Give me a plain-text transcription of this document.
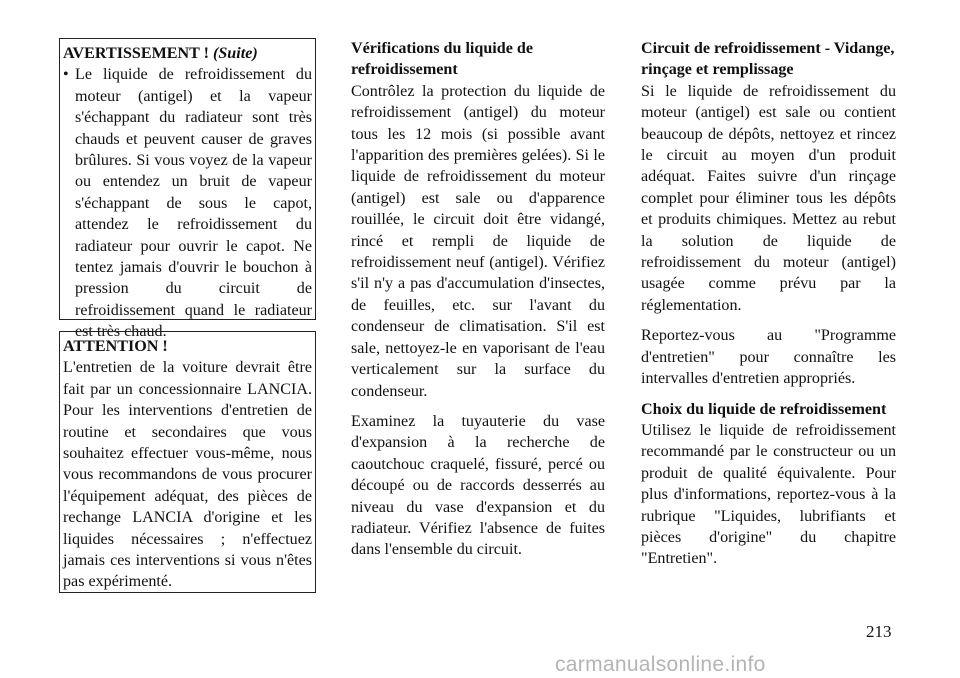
AVERTISSEMENT ! (Suite)
• Le liquide de refroidissement du moteur (antigel) et la vapeur s'échappant du radiateur sont très chauds et peuvent causer de graves brûlures. Si vous voyez de la vapeur ou entendez un bruit de vapeur s'échappant de sous le capot, attendez le refroidissement du radiateur pour ouvrir le capot. Ne tentez jamais d'ouvrir le bouchon à pression du circuit de refroidissement quand le radiateur est très chaud.
ATTENTION !
L'entretien de la voiture devrait être fait par un concessionnaire LANCIA. Pour les interventions d'entretien de routine et secondaires que vous souhaitez effectuer vous-même, nous vous recommandons de vous procurer l'équipement adéquat, des pièces de rechange LANCIA d'origine et les liquides nécessaires ; n'effectuez jamais ces interventions si vous n'êtes pas expérimenté.
Vérifications du liquide de refroidissement

Contrôlez la protection du liquide de refroidissement (antigel) du moteur tous les 12 mois (si possible avant l'apparition des premières gelées). Si le liquide de refroidissement du moteur (antigel) est sale ou d'apparence rouillée, le circuit doit être vidangé, rincé et rempli de liquide de refroidissement neuf (antigel). Vérifiez s'il n'y a pas d'accumulation d'insectes, de feuilles, etc. sur l'avant du condenseur de climatisation. S'il est sale, nettoyez-le en vaporisant de l'eau verticalement sur la surface du condenseur.

Examinez la tuyauterie du vase d'expansion à la recherche de caoutchouc craquelé, fissuré, percé ou découpé ou de raccords desserrés au niveau du vase d'expansion et du radiateur. Vérifiez l'absence de fuites dans l'ensemble du circuit.

Circuit de refroidissement - Vidange, rinçage et remplissage

Si le liquide de refroidissement du moteur (antigel) est sale ou contient beaucoup de dépôts, nettoyez et rincez le circuit au moyen d'un produit adéquat. Faites suivre d'un rinçage complet pour éliminer tous les dépôts et produits chimiques. Mettez au rebut la solution de liquide de refroidissement du moteur (antigel) usagée comme prévu par la réglementation.

Reportez-vous au "Programme d'entretien" pour connaître les intervalles d'entretien appropriés.

Choix du liquide de refroidissement

Utilisez le liquide de refroidissement recommandé par le constructeur ou un produit de qualité équivalente. Pour plus d'informations, reportez-vous à la rubrique "Liquides, lubrifiants et pièces d'origine" du chapitre "Entretien".

213
carmanualsonline.info
